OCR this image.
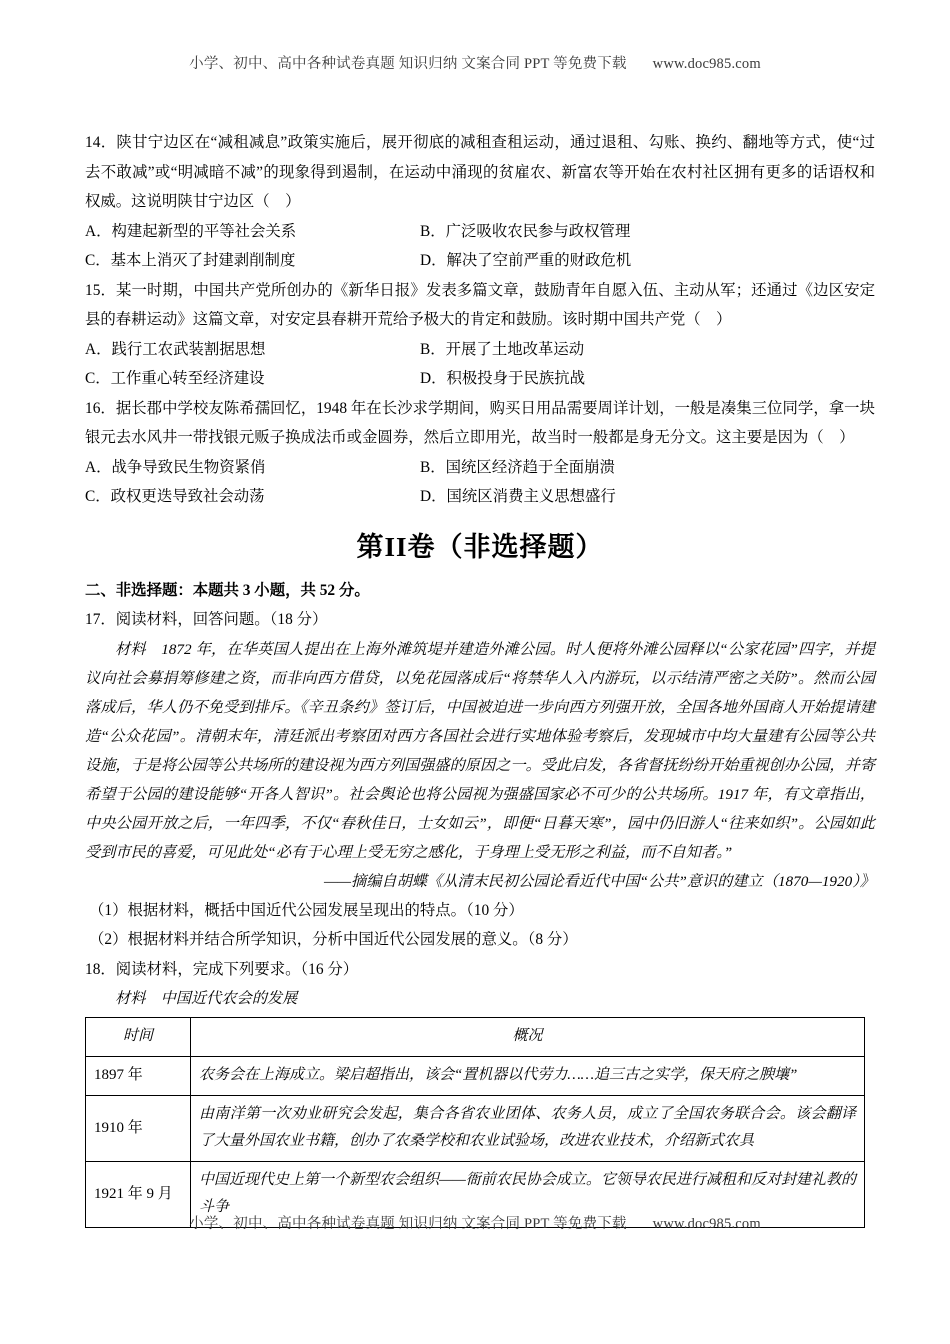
小学、初中、高中各种试卷真题 知识归纳 文案合同 PPT 等免费下载 www.doc985.com

14．陕甘宁边区在“减租减息”政策实施后，展开彻底的减租查租运动，通过退租、勾账、换约、翻地等方式，使“过去不敢减”或“明减暗不减”的现象得到遏制，在运动中涌现的贫雇农、新富农等开始在农村社区拥有更多的话语权和权威。这说明陕甘宁边区（　）

A．构建起新型的平等社会关系	B．广泛吸收农民参与政权管理
C．基本上消灭了封建剥削制度	D．解决了空前严重的财政危机

15．某一时期，中国共产党所创办的《新华日报》发表多篇文章，鼓励青年自愿入伍、主动从军；还通过《边区安定县的春耕运动》这篇文章，对安定县春耕开荒给予极大的肯定和鼓励。该时期中国共产党（　）

A．践行工农武装割据思想	B．开展了土地改革运动
C．工作重心转至经济建设	D．积极投身于民族抗战

16．据长郡中学校友陈希孺回忆，1948 年在长沙求学期间，购买日用品需要周详计划，一般是凑集三位同学，拿一块银元去水风井一带找银元贩子换成法币或金圆券，然后立即用光，故当时一般都是身无分文。这主要是因为（　）

A．战争导致民生物资紧俏	B．国统区经济趋于全面崩溃
C．政权更迭导致社会动荡	D．国统区消费主义思想盛行
第II卷（非选择题）

二、非选择题：本题共 3 小题，共 52 分。

17．阅读材料，回答问题。（18 分）

材料　1872 年，在华英国人提出在上海外滩筑堤并建造外滩公园。时人便将外滩公园释以“公家花园”四字，并提议向社会募捐筹修建之资，而非向西方借贷，以免花园落成后“将禁华人入内游玩，以示结清严密之关防”。然而公园落成后，华人仍不免受到排斥。《辛丑条约》签订后，中国被迫进一步向西方列强开放，全国各地外国商人开始提请建造“公众花园”。清朝末年，清廷派出考察团对西方各国社会进行实地体验考察后，发现城市中均大量建有公园等公共设施，于是将公园等公共场所的建设视为西方列国强盛的原因之一。受此启发，各省督抚纷纷开始重视创办公园，并寄希望于公园的建设能够“开各人智识”。社会舆论也将公园视为强盛国家必不可少的公共场所。1917 年，有文章指出，中央公园开放之后，一年四季，不仅“春秋佳日，士女如云”，即便“日暮天寒”，园中仍旧游人“往来如织”。公园如此受到市民的喜爱，可见此处“必有于心理上受无穷之感化，于身理上受无形之利益，而不自知者。”

——摘编自胡蝶《从清末民初公园论看近代中国“公共”意识的建立（1870—1920）》

（1）根据材料，概括中国近代公园发展呈现出的特点。（10 分）

（2）根据材料并结合所学知识，分析中国近代公园发展的意义。（8 分）

18．阅读材料，完成下列要求。（16 分）

材料　中国近代农会的发展

时间	概况
1897 年	农务会在上海成立。梁启超指出，该会“置机器以代劳力……追三古之实学，保天府之腴壤”
1910 年	由南洋第一次劝业研究会发起，集合各省农业团体、农务人员，成立了全国农务联合会。该会翻译了大量外国农业书籍，创办了农桑学校和农业试验场，改进农业技术，介绍新式农具
1921 年 9 月	中国近现代史上第一个新型农会组织——衙前农民协会成立。它领导农民进行减租和反对封建礼教的斗争
小学、初中、高中各种试卷真题 知识归纳 文案合同 PPT 等免费下载 www.doc985.com
